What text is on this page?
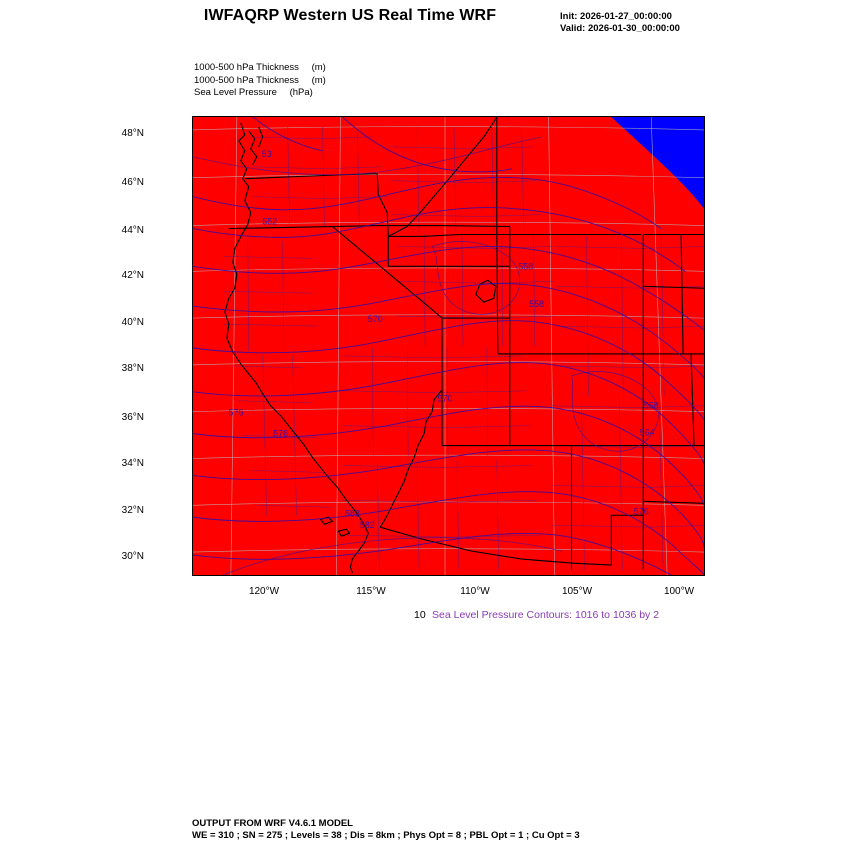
IWFAQRP Western US Real Time WRF	Init: 2026-01-27_00:00:00
Valid: 2026-01-30_00:00:00
1000-500 hPa Thickness (m)
1000-500 hPa Thickness (m)
Sea Level Pressure (hPa)
48°N
46°N
44°N
42°N
40°N
38°N
36°N
34°N
32°N
30°N
120°W	115°W	110°W	105°W	100°W
558
558
558
564
570
570
576
576
582
582
576
552
53
10 Sea Level Pressure Contours: 1016 to 1036 by 2
OUTPUT FROM WRF V4.6.1 MODEL
WE = 310 ; SN = 275 ; Levels = 38 ; Dis = 8km ; Phys Opt = 8 ; PBL Opt = 1 ; Cu Opt = 3
